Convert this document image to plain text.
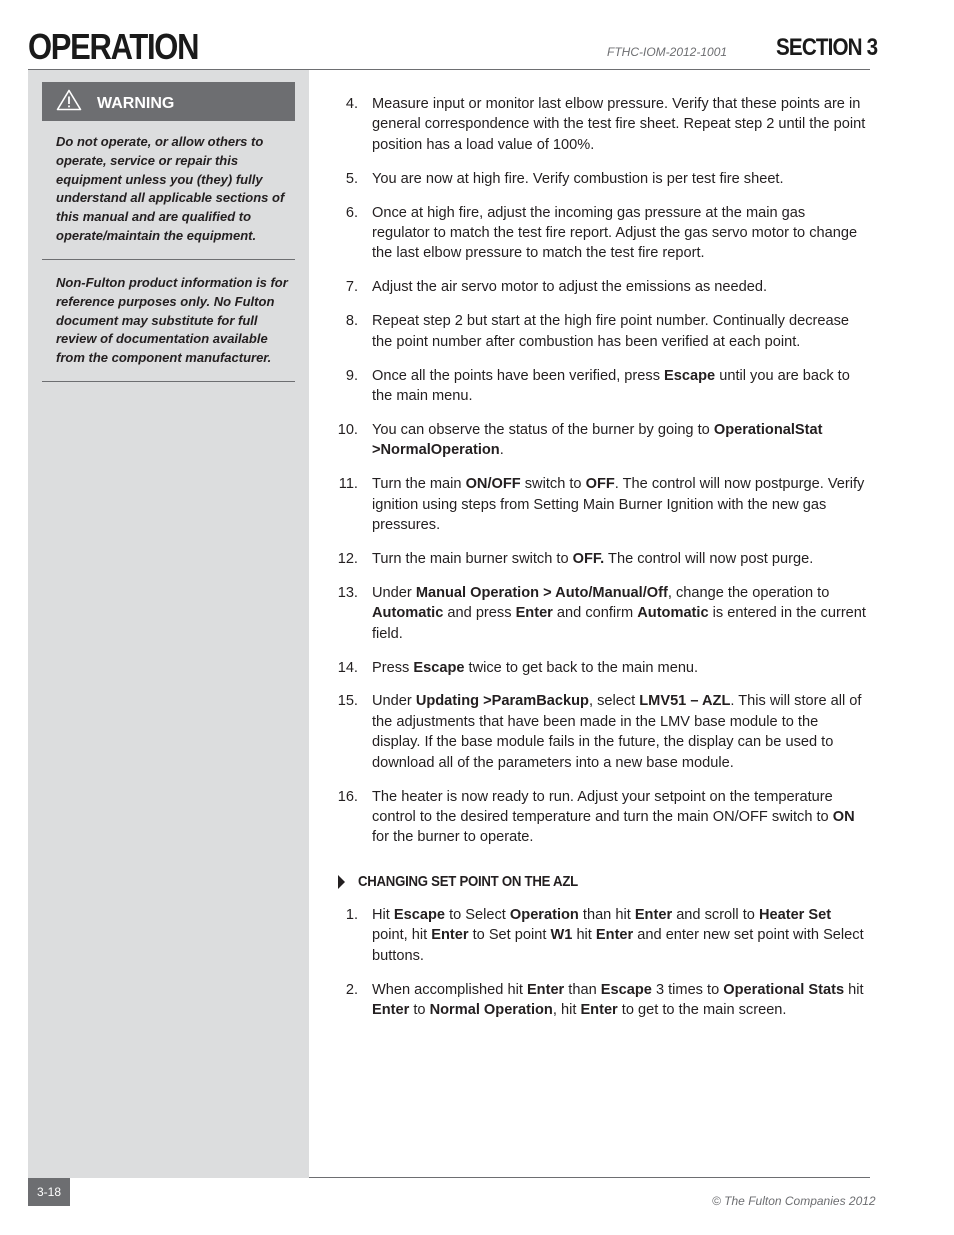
OPERATION	FTHC-IOM-2012-1001 SECTION 3
WARNING
Do not operate, or allow others to operate, service or repair this equipment unless you (they) fully understand all applicable sections of this manual and are qualified to operate/maintain the equipment.
Non-Fulton product information is for reference purposes only. No Fulton document may substitute for full review of documentation available from the component manufacturer.
4. Measure input or monitor last elbow pressure. Verify that these points are in general correspondence with the test fire sheet. Repeat step 2 until the point position has a load value of 100%.
5. You are now at high fire. Verify combustion is per test fire sheet.
6. Once at high fire, adjust the incoming gas pressure at the main gas regulator to match the test fire report. Adjust the gas servo motor to change the last elbow pressure to match the test fire report.
7. Adjust the air servo motor to adjust the emissions as needed.
8. Repeat step 2 but start at the high fire point number. Continually decrease the point number after combustion has been verified at each point.
9. Once all the points have been verified, press Escape until you are back to the main menu.
10. You can observe the status of the burner by going to OperationalStat >NormalOperation.
11. Turn the main ON/OFF switch to OFF. The control will now postpurge. Verify ignition using steps from Setting Main Burner Ignition with the new gas pressures.
12. Turn the main burner switch to OFF. The control will now post purge.
13. Under Manual Operation > Auto/Manual/Off, change the operation to Automatic and press Enter and confirm Automatic is entered in the current field.
14. Press Escape twice to get back to the main menu.
15. Under Updating >ParamBackup, select LMV51 – AZL. This will store all of the adjustments that have been made in the LMV base module to the display. If the base module fails in the future, the display can be used to download all of the parameters into a new base module.
16. The heater is now ready to run. Adjust your setpoint on the temperature control to the desired temperature and turn the main ON/OFF switch to ON for the burner to operate.
CHANGING SET POINT ON THE AZL
1. Hit Escape to Select Operation than hit Enter and scroll to Heater Set point, hit Enter to Set point W1 hit Enter and enter new set point with Select buttons.
2. When accomplished hit Enter than Escape 3 times to Operational Stats hit Enter to Normal Operation, hit Enter to get to the main screen.
3-18
© The Fulton Companies 2012
